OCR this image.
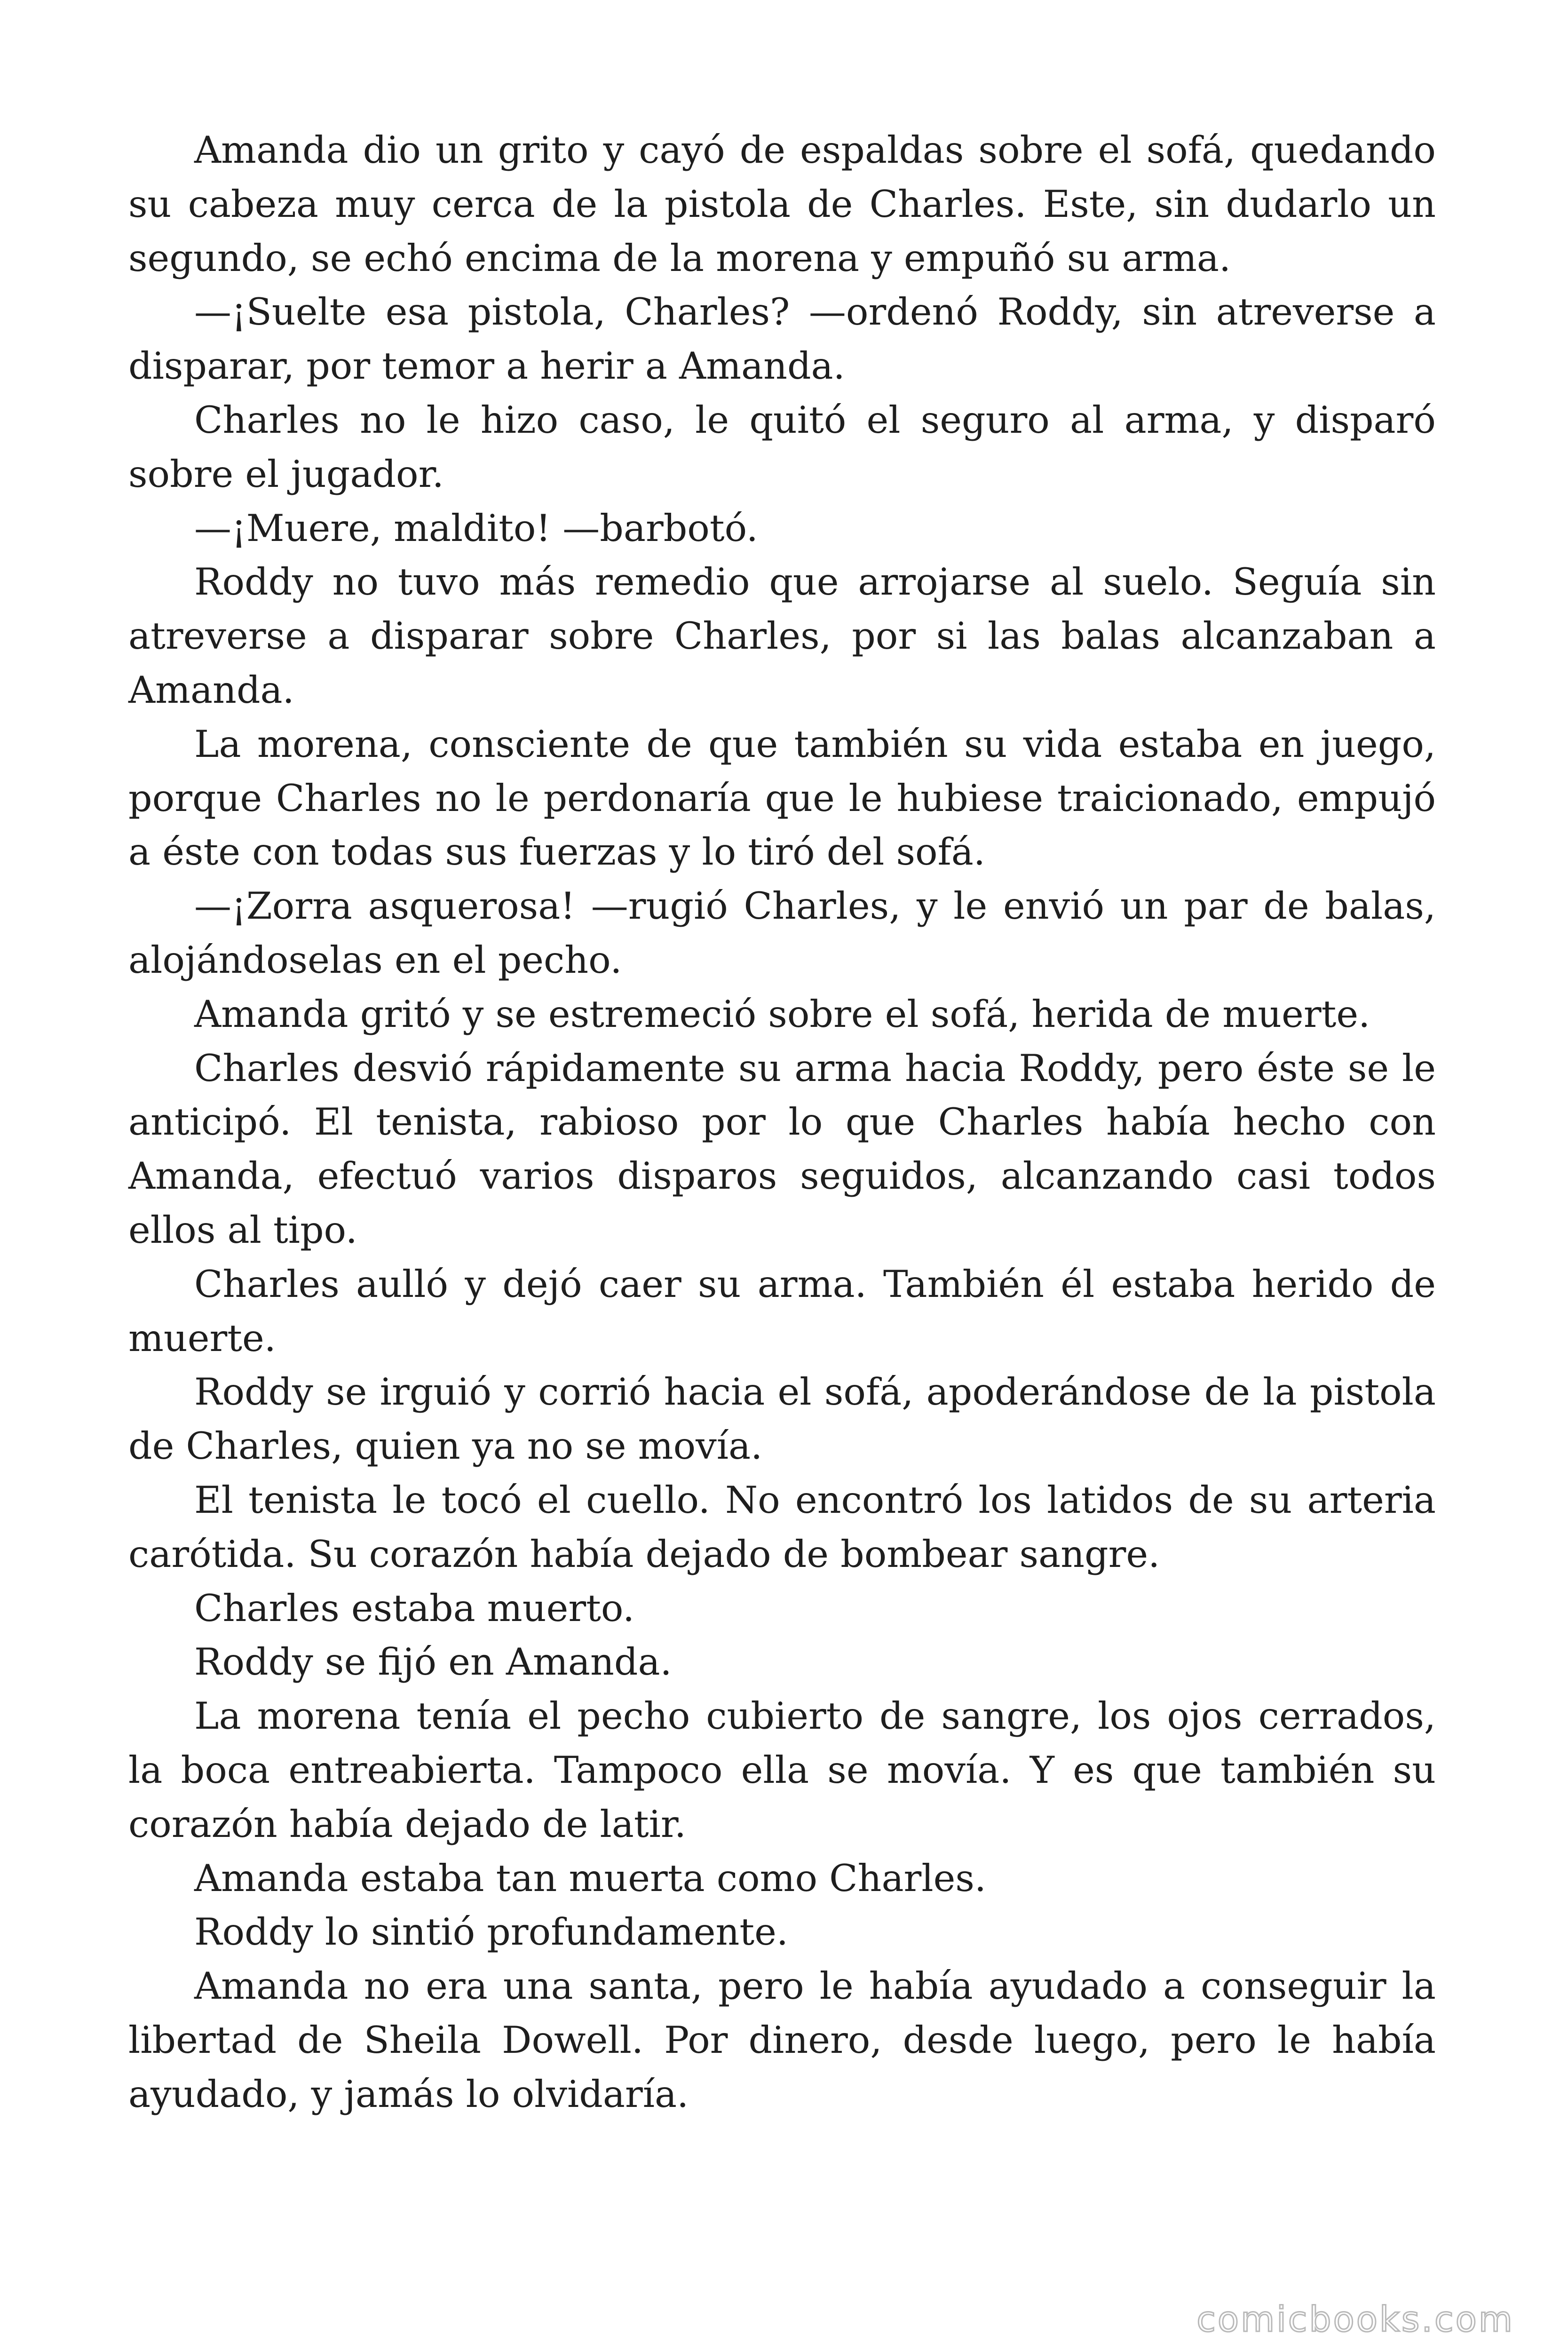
Amanda dio un grito y cayó de espaldas sobre el sofá, quedando su cabeza muy cerca de la pistola de Charles. Este, sin dudarlo un segundo, se echó encima de la morena y empuñó su arma.

—¡Suelte esa pistola, Charles? —ordenó Roddy, sin atreverse a disparar, por temor a herir a Amanda.

Charles no le hizo caso, le quitó el seguro al arma, y disparó sobre el jugador.

—¡Muere, maldito! —barbotó.

Roddy no tuvo más remedio que arrojarse al suelo. Seguía sin atreverse a disparar sobre Charles, por si las balas alcanzaban a Amanda.

La morena, consciente de que también su vida estaba en juego, porque Charles no le perdonaría que le hubiese traicionado, empujó a éste con todas sus fuerzas y lo tiró del sofá.

—¡Zorra asquerosa! —rugió Charles, y le envió un par de balas, alojándoselas en el pecho.

Amanda gritó y se estremeció sobre el sofá, herida de muerte.

Charles desvió rápidamente su arma hacia Roddy, pero éste se le anticipó. El tenista, rabioso por lo que Charles había hecho con Amanda, efectuó varios disparos seguidos, alcanzando casi todos ellos al tipo.

Charles aulló y dejó caer su arma. También él estaba herido de muerte.

Roddy se irguió y corrió hacia el sofá, apoderándose de la pistola de Charles, quien ya no se movía.

El tenista le tocó el cuello. No encontró los latidos de su arteria carótida. Su corazón había dejado de bombear sangre.

Charles estaba muerto.

Roddy se fijó en Amanda.

La morena tenía el pecho cubierto de sangre, los ojos cerrados, la boca entreabierta. Tampoco ella se movía. Y es que también su corazón había dejado de latir.

Amanda estaba tan muerta como Charles.

Roddy lo sintió profundamente.

Amanda no era una santa, pero le había ayudado a conseguir la libertad de Sheila Dowell. Por dinero, desde luego, pero le había ayudado, y jamás lo olvidaría.

comicbooks.com
